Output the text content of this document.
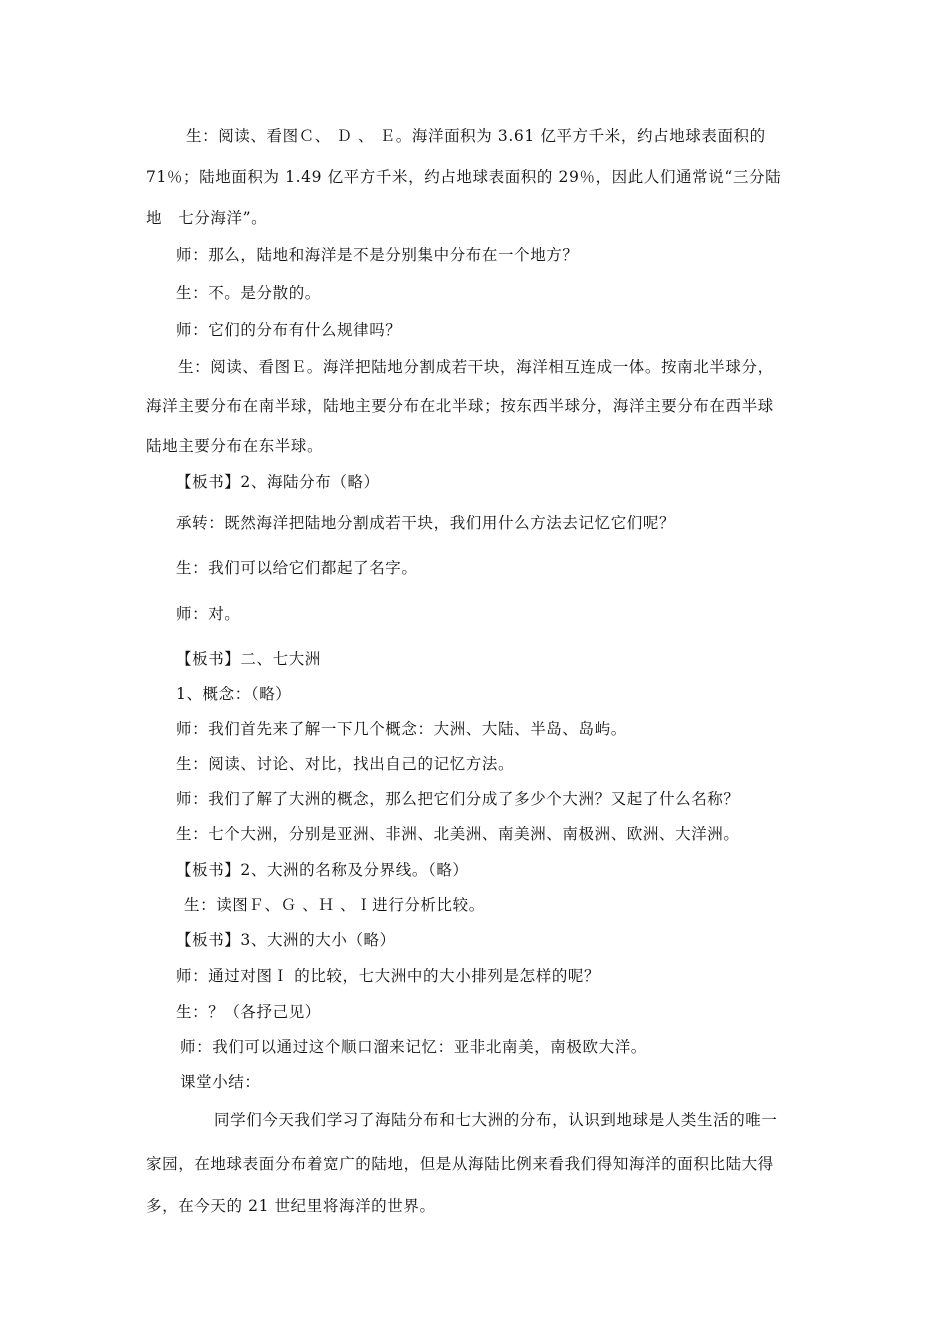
生：阅读、看图Ｃ、 Ｄ 、 Ｅ。海洋面积为 3.61 亿平方千米，约占地球表面积的
71％；陆地面积为 1.49 亿平方千米，约占地球表面积的 29％，因此人们通常说“三分陆
地　七分海洋”。
师：那么，陆地和海洋是不是分别集中分布在一个地方？
生：不。是分散的。
师：它们的分布有什么规律吗？
生：阅读、看图Ｅ。海洋把陆地分割成若干块，海洋相互连成一体。按南北半球分，
海洋主要分布在南半球，陆地主要分布在北半球；按东西半球分，海洋主要分布在西半球
陆地主要分布在东半球。
【板书】2、海陆分布（略）
承转：既然海洋把陆地分割成若干块，我们用什么方法去记忆它们呢？
生：我们可以给它们都起了名字。
师：对。
【板书】二、七大洲
1、概念：（略）
师：我们首先来了解一下几个概念：大洲、大陆、半岛、岛屿。
生：阅读、讨论、对比，找出自己的记忆方法。
师：我们了解了大洲的概念，那么把它们分成了多少个大洲？又起了什么名称？
生：七个大洲，分别是亚洲、非洲、北美洲、南美洲、南极洲、欧洲、大洋洲。
【板书】2、大洲的名称及分界线。（略）
生：读图Ｆ、Ｇ 、Ｈ 、Ｉ进行分析比较。
【板书】3、大洲的大小（略）
师：通过对图Ｉ 的比较，七大洲中的大小排列是怎样的呢？
生：？（各抒己见）
师：我们可以通过这个顺口溜来记忆：亚非北南美，南极欧大洋。
课堂小结：
同学们今天我们学习了海陆分布和七大洲的分布，认识到地球是人类生活的唯一
家园，在地球表面分布着宽广的陆地，但是从海陆比例来看我们得知海洋的面积比陆大得
多，在今天的 21 世纪里将海洋的世界。
